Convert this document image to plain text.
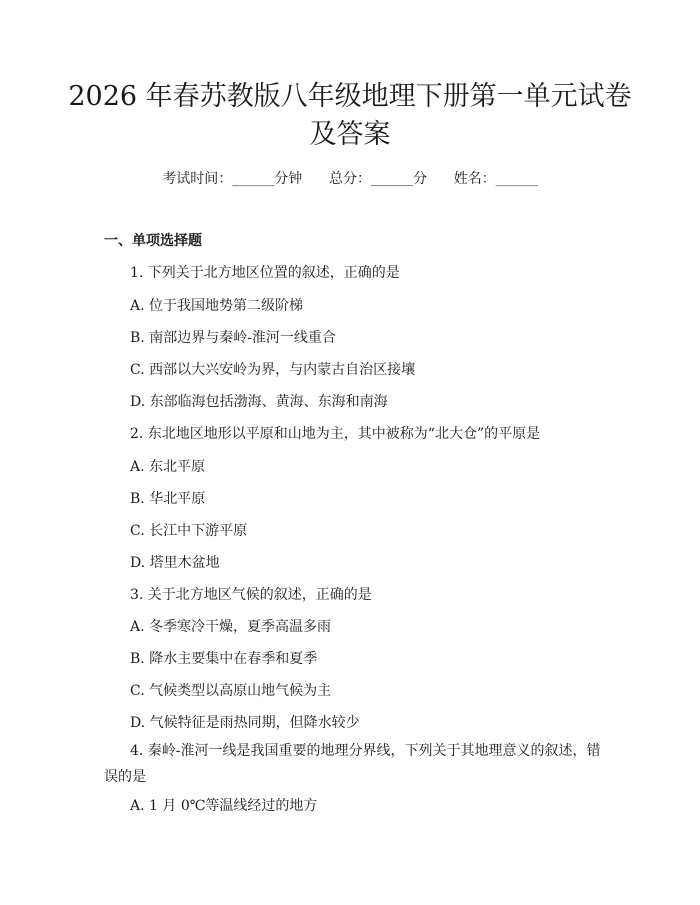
2026 年春苏教版八年级地理下册第一单元试卷及答案
考试时间：______分钟 总分：______分 姓名：______
一、单项选择题
1. 下列关于北方地区位置的叙述，正确的是
A. 位于我国地势第二级阶梯
B. 南部边界与秦岭-淮河一线重合
C. 西部以大兴安岭为界，与内蒙古自治区接壤
D. 东部临海包括渤海、黄海、东海和南海
2. 东北地区地形以平原和山地为主，其中被称为“北大仓”的平原是
A. 东北平原
B. 华北平原
C. 长江中下游平原
D. 塔里木盆地
3. 关于北方地区气候的叙述，正确的是
A. 冬季寒冷干燥，夏季高温多雨
B. 降水主要集中在春季和夏季
C. 气候类型以高原山地气候为主
D. 气候特征是雨热同期，但降水较少
4. 秦岭-淮河一线是我国重要的地理分界线，下列关于其地理意义的叙述，错误的是
A. 1 月 0℃等温线经过的地方
